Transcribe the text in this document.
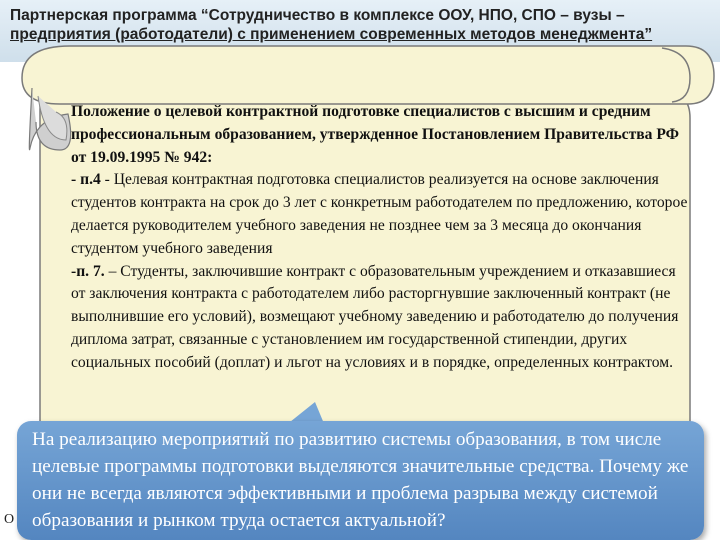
Партнерская программа “Сотрудничество в комплексе ООУ, НПО, СПО – вузы –
предприятия (работодатели) с применением современных методов менеджмента”

Положение о целевой контрактной подготовке специалистов с высшим и средним профессиональным образованием, утвержденное Постановлением Правительства РФ от 19.09.1995 № 942:

- п.4 - Целевая контрактная подготовка специалистов реализуется на основе заключения студентов контракта на срок до 3 лет с конкретным работодателем по предложению, которое делается руководителем учебного заведения не позднее чем за 3 месяца до окончания студентом учебного заведения

-п. 7. – Студенты, заключившие контракт с образовательным учреждением и отказавшиеся от заключения контракта с работодателем либо расторгнувшие заключенный контракт (не выполнившие его условий), возмещают учебному заведению и работодателю до получения диплома затрат, связанные с установлением им государственной стипендии, других социальных пособий (доплат) и льгот на условиях и в порядке, определенных контрактом.

О
На реализацию мероприятий по развитию системы образования, в том числе целевые программы подготовки выделяются значительные средства. Почему же они не всегда являются эффективными и проблема разрыва между системой образования и рынком труда остается актуальной?
